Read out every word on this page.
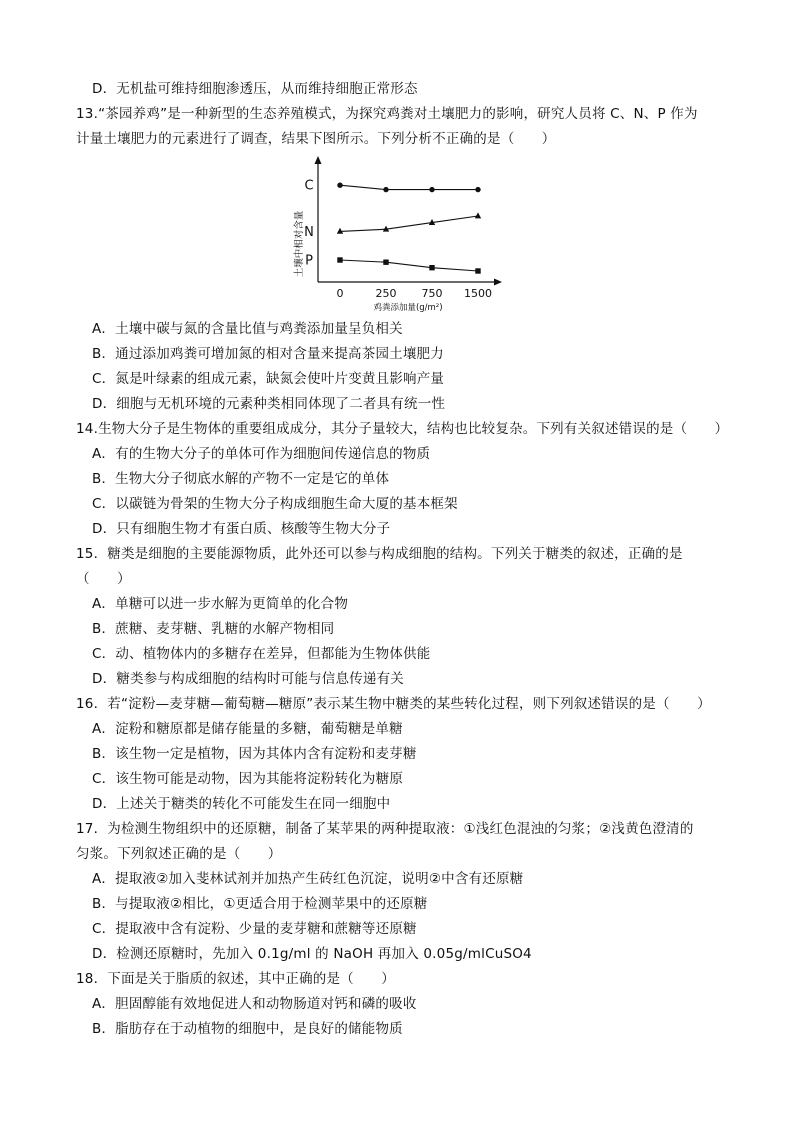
D．无机盐可维持细胞渗透压，从而维持细胞正常形态
13.“茶园养鸡”是一种新型的生态养殖模式，为探究鸡粪对土壤肥力的影响，研究人员将 C、N、P 作为
计量土壤肥力的元素进行了调查，结果下图所示。下列分析不正确的是（　　）
土壤中相对含量
0	250 750 1500
C
N
P
鸡粪添加量(g/m²)
A．土壤中碳与氮的含量比值与鸡粪添加量呈负相关
B．通过添加鸡粪可增加氮的相对含量来提高茶园土壤肥力
C．氮是叶绿素的组成元素，缺氮会使叶片变黄且影响产量
D．细胞与无机环境的元素种类相同体现了二者具有统一性
14.生物大分子是生物体的重要组成成分，其分子量较大，结构也比较复杂。下列有关叙述错误的是（　　）
A．有的生物大分子的单体可作为细胞间传递信息的物质
B．生物大分子彻底水解的产物不一定是它的单体
C．以碳链为骨架的生物大分子构成细胞生命大厦的基本框架
D．只有细胞生物才有蛋白质、核酸等生物大分子
15．糖类是细胞的主要能源物质，此外还可以参与构成细胞的结构。下列关于糖类的叙述，正确的是
（　　）
A．单糖可以进一步水解为更简单的化合物
B．蔗糖、麦芽糖、乳糖的水解产物相同
C．动、植物体内的多糖存在差异，但都能为生物体供能
D．糖类参与构成细胞的结构时可能与信息传递有关
16．若“淀粉—麦芽糖—葡萄糖—糖原”表示某生物中糖类的某些转化过程，则下列叙述错误的是（　　）
A．淀粉和糖原都是储存能量的多糖，葡萄糖是单糖
B．该生物一定是植物，因为其体内含有淀粉和麦芽糖
C．该生物可能是动物，因为其能将淀粉转化为糖原
D．上述关于糖类的转化不可能发生在同一细胞中
17．为检测生物组织中的还原糖，制备了某苹果的两种提取液：①浅红色混浊的匀浆；②浅黄色澄清的
匀浆。下列叙述正确的是（　　）
A．提取液②加入斐林试剂并加热产生砖红色沉淀，说明②中含有还原糖
B．与提取液②相比，①更适合用于检测苹果中的还原糖
C．提取液中含有淀粉、少量的麦芽糖和蔗糖等还原糖
D．检测还原糖时，先加入 0.1g/ml 的 NaOH 再加入 0.05g/mlCuSO4
18．下面是关于脂质的叙述，其中正确的是（　　）
A．胆固醇能有效地促进人和动物肠道对钙和磷的吸收
B．脂肪存在于动植物的细胞中，是良好的储能物质
